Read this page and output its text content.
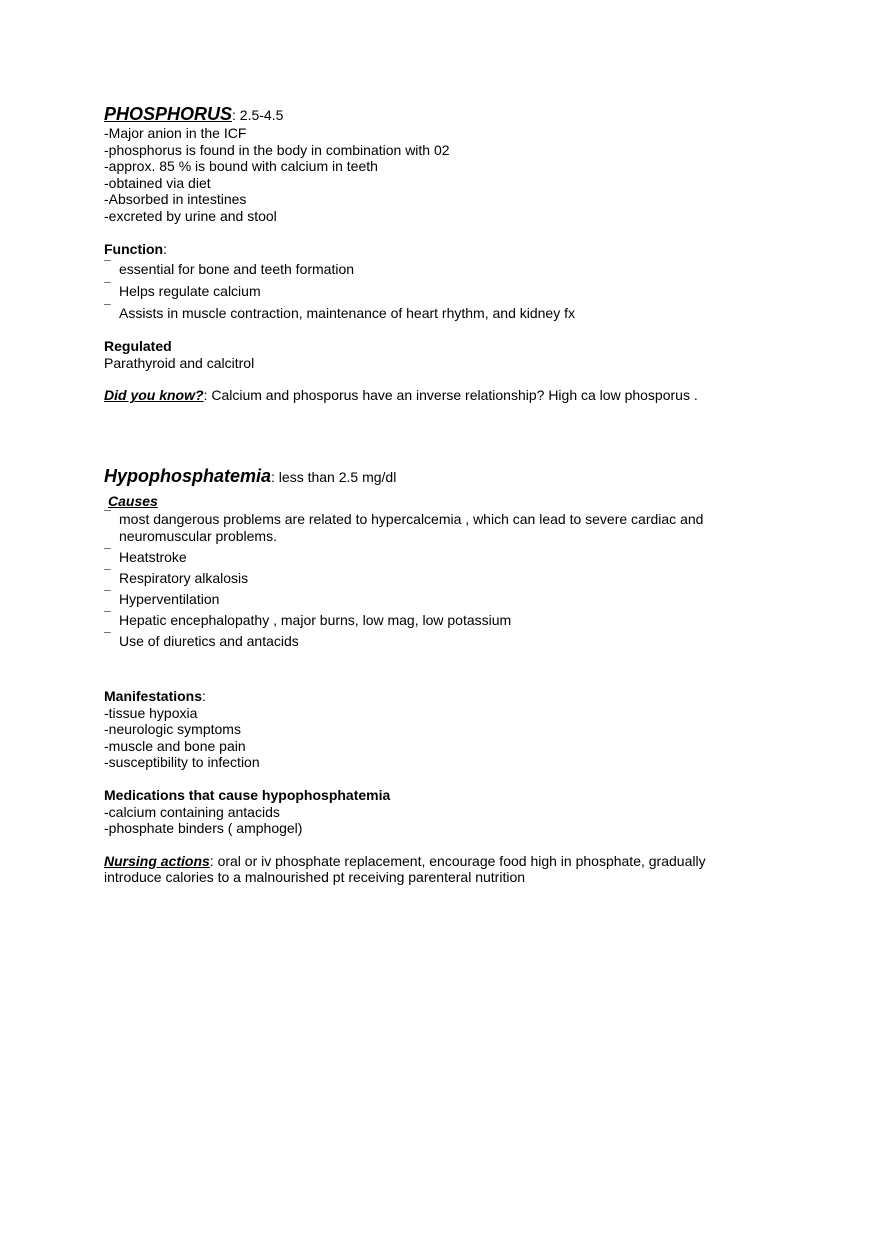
PHOSPHORUS: 2.5-4.5
-Major anion in the ICF
-phosphorus is found in the body in combination with 02
-approx. 85 % is bound with calcium in teeth
-obtained via diet
-Absorbed in intestines
-excreted by urine and stool
Function:
¯ essential for bone and teeth formation
¯ Helps regulate calcium
¯ Assists in muscle contraction, maintenance of heart rhythm, and kidney fx
Regulated
Parathyroid and calcitrol
Did you know?: Calcium and phosporus have an inverse relationship? High ca low phosporus .
Hypophosphatemia: less than 2.5 mg/dl
Causes
¯ most dangerous problems are related to hypercalcemia , which can lead to severe cardiac and neuromuscular problems.
¯ Heatstroke
¯ Respiratory alkalosis
¯ Hyperventilation
¯ Hepatic encephalopathy , major burns, low mag, low potassium
¯ Use of diuretics and antacids
Manifestations:
-tissue hypoxia
-neurologic symptoms
-muscle and bone pain
-susceptibility to infection
Medications that cause hypophosphatemia
-calcium containing antacids
-phosphate binders ( amphogel)
Nursing actions: oral or iv phosphate replacement, encourage food high in phosphate, gradually introduce calories to a malnourished pt receiving parenteral nutrition
